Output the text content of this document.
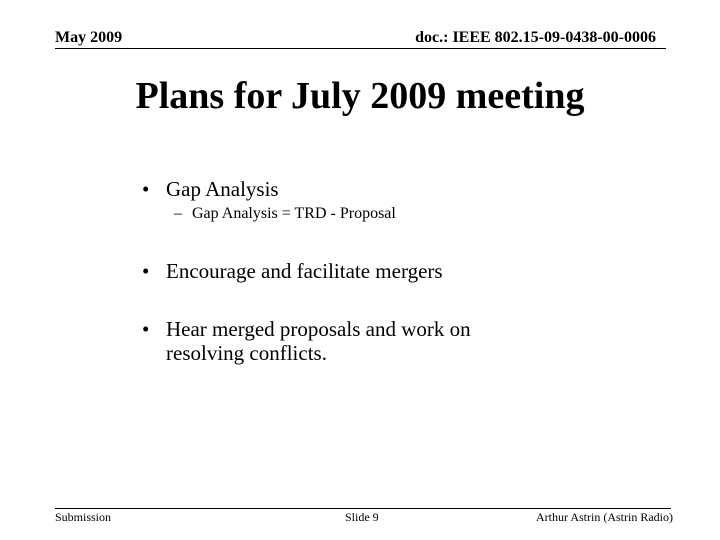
May 2009	doc.: IEEE 802.15-09-0438-00-0006
Plans for July 2009 meeting
• Gap Analysis
– Gap Analysis = TRD - Proposal
• Encourage and facilitate mergers
• Hear merged proposals and work on resolving conflicts.
Submission	Slide 9	Arthur Astrin (Astrin Radio)
